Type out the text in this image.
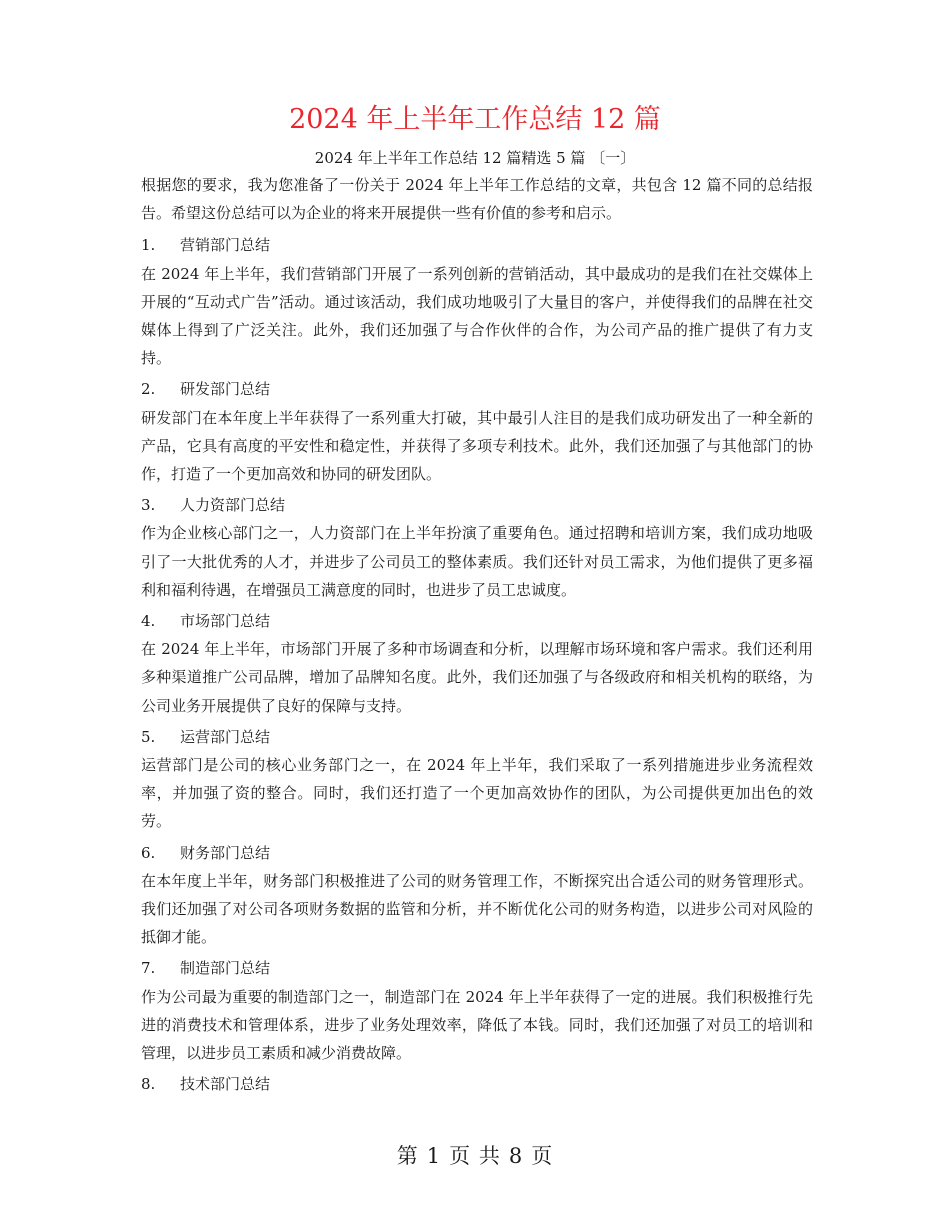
2024 年上半年工作总结 12 篇
2024 年上半年工作总结 12 篇精选 5 篇 〔一〕

根据您的要求，我为您准备了一份关于 2024 年上半年工作总结的文章，共包含 12 篇不同的总结报告。希望这份总结可以为企业的将来开展提供一些有价值的参考和启示。

1.	营销部门总结

在 2024 年上半年，我们营销部门开展了一系列创新的营销活动，其中最成功的是我们在社交媒体上开展的“互动式广告”活动。通过该活动，我们成功地吸引了大量目的客户，并使得我们的品牌在社交媒体上得到了广泛关注。此外，我们还加强了与合作伙伴的合作，为公司产品的推广提供了有力支持。

2.	研发部门总结

研发部门在本年度上半年获得了一系列重大打破，其中最引人注目的是我们成功研发出了一种全新的产品，它具有高度的平安性和稳定性，并获得了多项专利技术。此外，我们还加强了与其他部门的协作，打造了一个更加高效和协同的研发团队。

3.	人力资部门总结

作为企业核心部门之一，人力资部门在上半年扮演了重要角色。通过招聘和培训方案，我们成功地吸引了一大批优秀的人才，并进步了公司员工的整体素质。我们还针对员工需求，为他们提供了更多福利和福利待遇，在增强员工满意度的同时，也进步了员工忠诚度。

4.	市场部门总结

在 2024 年上半年，市场部门开展了多种市场调查和分析，以理解市场环境和客户需求。我们还利用多种渠道推广公司品牌，增加了品牌知名度。此外，我们还加强了与各级政府和相关机构的联络，为公司业务开展提供了良好的保障与支持。

5.	运营部门总结

运营部门是公司的核心业务部门之一，在 2024 年上半年，我们采取了一系列措施进步业务流程效率，并加强了资的整合。同时，我们还打造了一个更加高效协作的团队，为公司提供更加出色的效劳。

6.	财务部门总结

在本年度上半年，财务部门积极推进了公司的财务管理工作，不断探究出合适公司的财务管理形式。我们还加强了对公司各项财务数据的监管和分析，并不断优化公司的财务构造，以进步公司对风险的抵御才能。

7.	制造部门总结

作为公司最为重要的制造部门之一，制造部门在 2024 年上半年获得了一定的进展。我们积极推行先进的消费技术和管理体系，进步了业务处理效率，降低了本钱。同时，我们还加强了对员工的培训和管理，以进步员工素质和减少消费故障。

8.	技术部门总结
第 1 页 共 8 页
